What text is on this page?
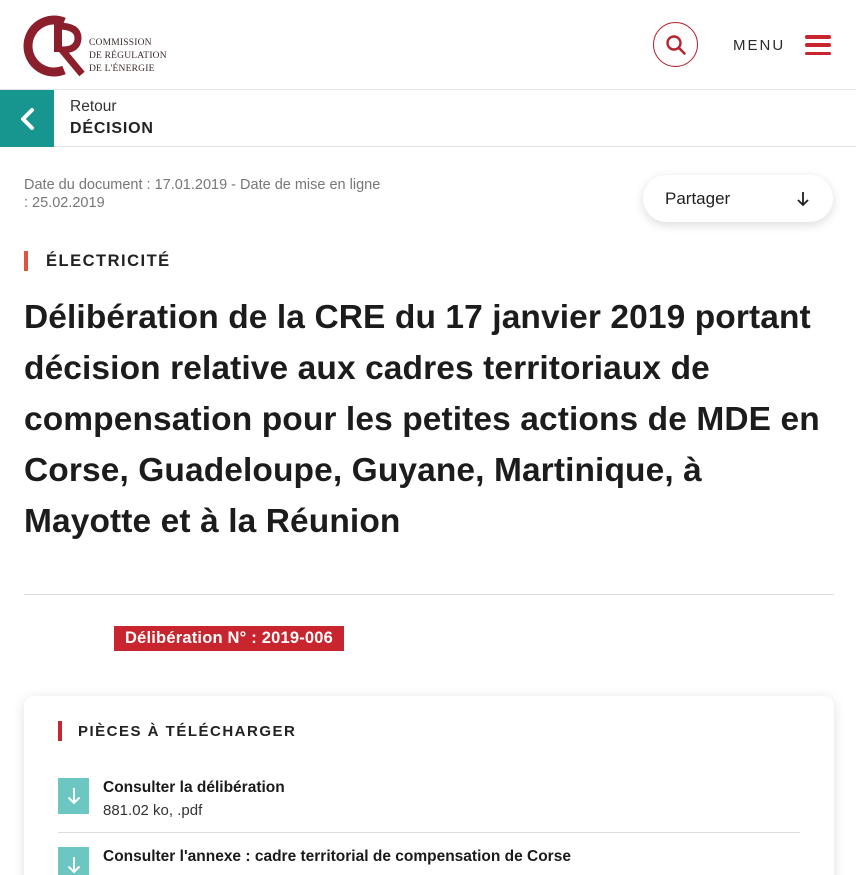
COMMISSION
DE RÉGULATION
DE L'ÉNERGIE
MENU
Retour
DÉCISION
Date du document : 17.01.2019 - Date de mise en ligne : 25.02.2019	Partager
ÉLECTRICITÉ
Délibération de la CRE du 17 janvier 2019 portant décision relative aux cadres territoriaux de compensation pour les petites actions de MDE en Corse, Guadeloupe, Guyane, Martinique, à Mayotte et à la Réunion
Délibération N° : 2019-006
PIÈCES À TÉLÉCHARGER
Consulter la délibération
881.02 ko, .pdf
Consulter l'annexe : cadre territorial de compensation de Corse
